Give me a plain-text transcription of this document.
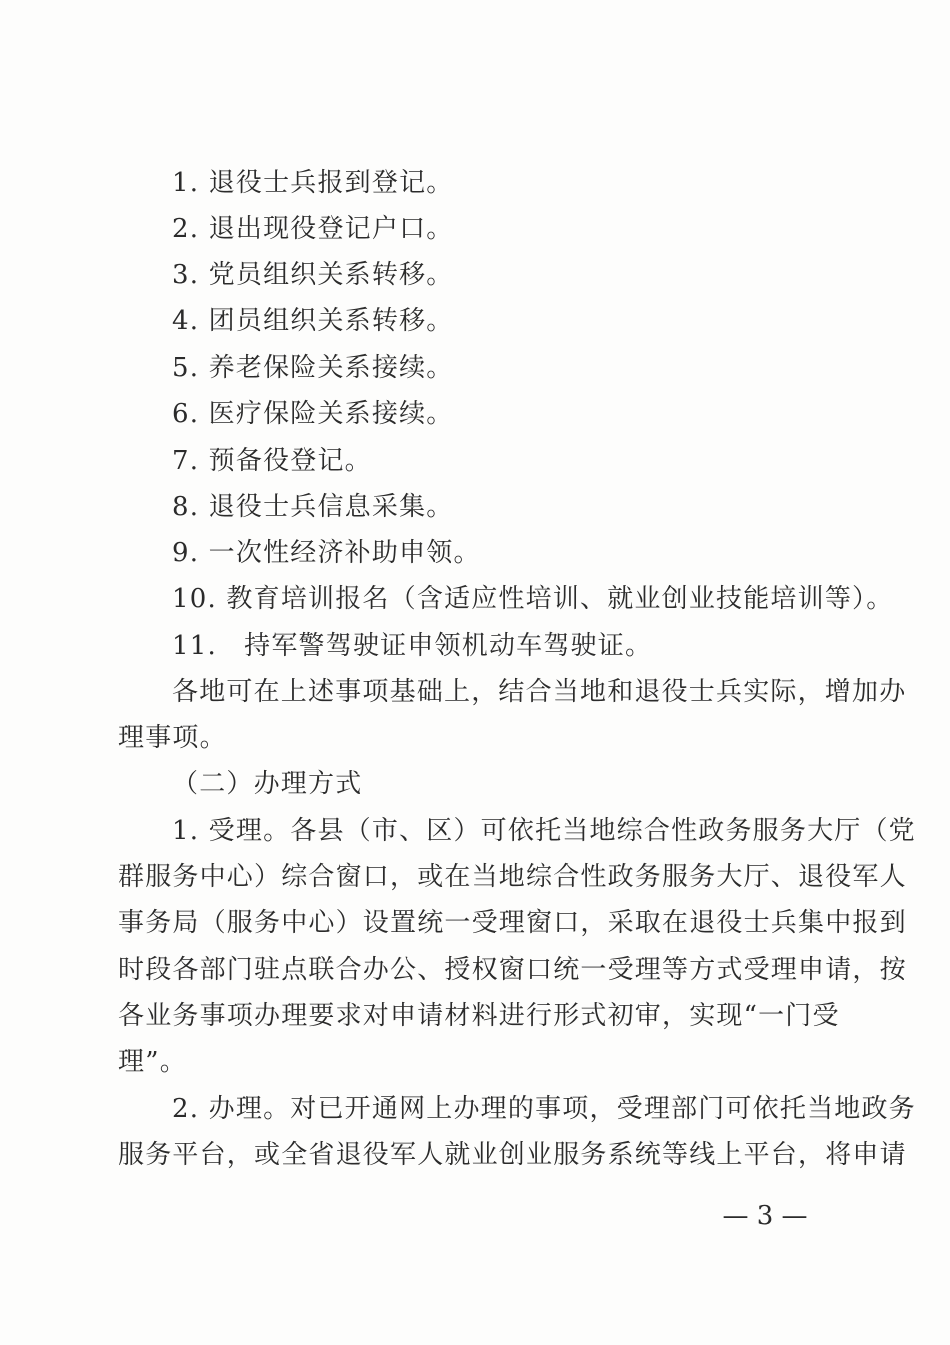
1. 退役士兵报到登记。
2. 退出现役登记户口。
3. 党员组织关系转移。
4. 团员组织关系转移。
5. 养老保险关系接续。
6. 医疗保险关系接续。
7. 预备役登记。
8. 退役士兵信息采集。
9. 一次性经济补助申领。
10. 教育培训报名（含适应性培训、就业创业技能培训等）。
11.　持军警驾驶证申领机动车驾驶证。
各地可在上述事项基础上，结合当地和退役士兵实际，增加办
理事项。
（二）办理方式
1. 受理。各县（市、区）可依托当地综合性政务服务大厅（党
群服务中心）综合窗口，或在当地综合性政务服务大厅、退役军人
事务局（服务中心）设置统一受理窗口，采取在退役士兵集中报到
时段各部门驻点联合办公、授权窗口统一受理等方式受理申请，按
各业务事项办理要求对申请材料进行形式初审，实现“一门受
理”。
2. 办理。对已开通网上办理的事项，受理部门可依托当地政务
服务平台，或全省退役军人就业创业服务系统等线上平台，将申请
— 3 —
